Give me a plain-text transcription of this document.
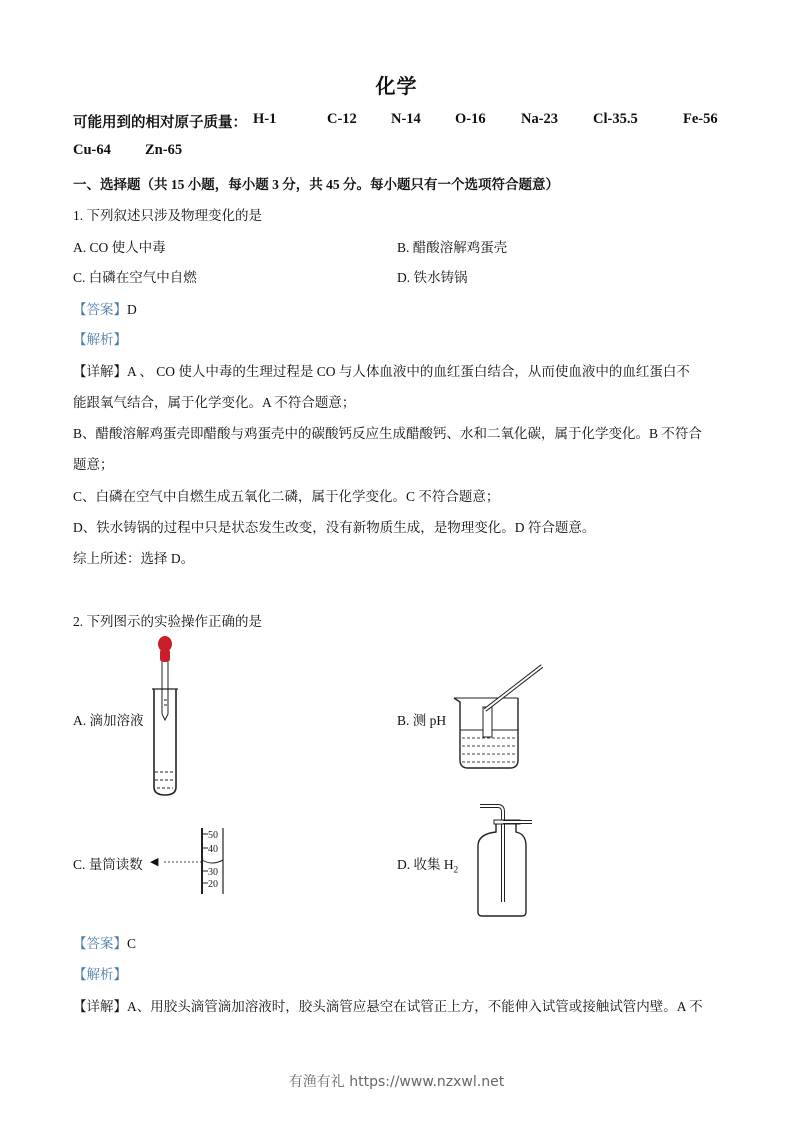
化学
可能用到的相对原子质量： H-1	C-12 N-14 O-16 Na-23 Cl-35.5	Fe-56
Cu-64 Zn-65
一、选择题（共 15 小题，每小题 3 分，共 45 分。每小题只有一个选项符合题意）
1. 下列叙述只涉及物理变化的是
A. CO 使人中毒	B. 醋酸溶解鸡蛋壳
C. 白磷在空气中自燃	D. 铁水铸锅
【答案】D
【解析】
【详解】A 、 CO 使人中毒的生理过程是 CO 与人体血液中的血红蛋白结合，从而使血液中的血红蛋白不
能跟氧气结合，属于化学变化。A 不符合题意；
B、醋酸溶解鸡蛋壳即醋酸与鸡蛋壳中的碳酸钙反应生成醋酸钙、水和二氧化碳，属于化学变化。B 不符合
题意；
C、白磷在空气中自燃生成五氧化二磷，属于化学变化。C 不符合题意；
D、铁水铸锅的过程中只是状态发生改变，没有新物质生成，是物理变化。D 符合题意。
综上所述：选择 D。
2. 下列图示的实验操作正确的是
A. 滴加溶液	B. 测 pH
C. 量筒读数 ◀
50
40
30
20
D. 收集 $H_2$
【答案】C
【解析】
【详解】A、用胶头滴管滴加溶液时，胶头滴管应悬空在试管正上方，不能伸入试管或接触试管内壁。A 不
有渔有礼 https://www.nzxwl.net
